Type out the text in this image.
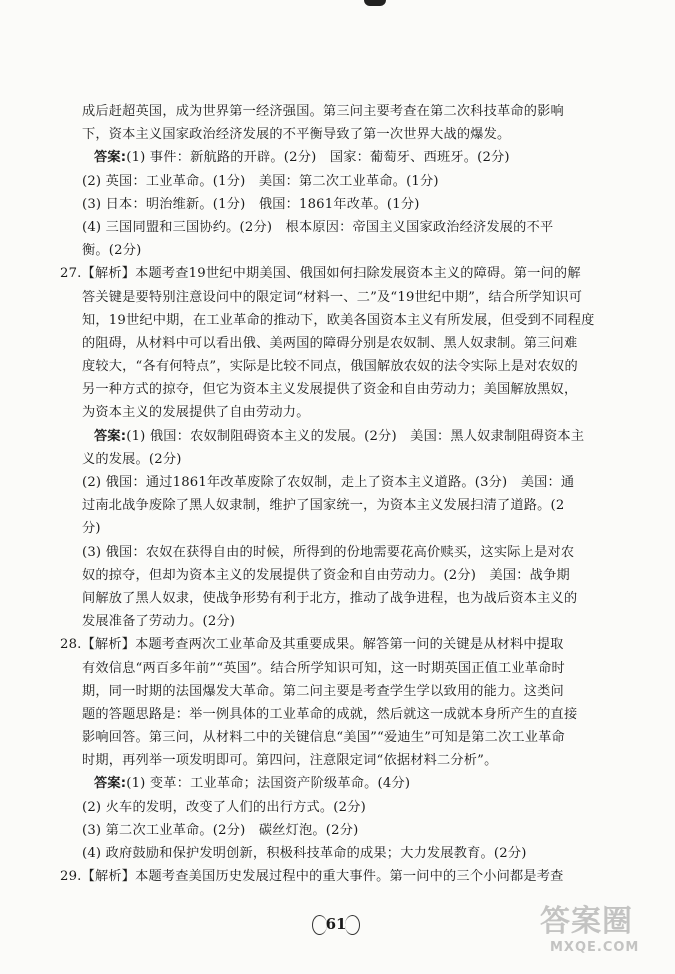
成后赶超英国，成为世界第一经济强国。第三问主要考查在第二次科技革命的影响
下，资本主义国家政治经济发展的不平衡导致了第一次世界大战的爆发。
答案:(1) 事件：新航路的开辟。(2分)　国家：葡萄牙、西班牙。(2分)
(2) 英国：工业革命。(1分)　美国：第二次工业革命。(1分)
(3) 日本：明治维新。(1分)　俄国：1861年改革。(1分)
(4) 三国同盟和三国协约。(2分)　根本原因：帝国主义国家政治经济发展的不平
衡。(2分)
27.【解析】本题考查19世纪中期美国、俄国如何扫除发展资本主义的障碍。第一问的解
答关键是要特别注意设问中的限定词“材料一、二”及“19世纪中期”，结合所学知识可
知，19世纪中期，在工业革命的推动下，欧美各国资本主义有所发展，但受到不同程度
的阻碍，从材料中可以看出俄、美两国的障碍分别是农奴制、黑人奴隶制。第三问难
度较大，“各有何特点”，实际是比较不同点，俄国解放农奴的法令实际上是对农奴的
另一种方式的掠夺，但它为资本主义发展提供了资金和自由劳动力；美国解放黑奴，
为资本主义的发展提供了自由劳动力。
答案:(1) 俄国：农奴制阻碍资本主义的发展。(2分)　美国：黑人奴隶制阻碍资本主
义的发展。(2分)
(2) 俄国：通过1861年改革废除了农奴制，走上了资本主义道路。(3分)　美国：通
过南北战争废除了黑人奴隶制，维护了国家统一，为资本主义发展扫清了道路。(2
分)
(3) 俄国：农奴在获得自由的时候，所得到的份地需要花高价赎买，这实际上是对农
奴的掠夺，但却为资本主义的发展提供了资金和自由劳动力。(2分)　美国：战争期
间解放了黑人奴隶，使战争形势有利于北方，推动了战争进程，也为战后资本主义的
发展准备了劳动力。(2分)
28.【解析】本题考查两次工业革命及其重要成果。解答第一问的关键是从材料中提取
有效信息“两百多年前”“英国”。结合所学知识可知，这一时期英国正值工业革命时
期，同一时期的法国爆发大革命。第二问主要是考查学生学以致用的能力。这类问
题的答题思路是：举一例具体的工业革命的成就，然后就这一成就本身所产生的直接
影响回答。第三问，从材料二中的关键信息“美国”“爱迪生”可知是第二次工业革命
时期，再列举一项发明即可。第四问，注意限定词“依据材料二分析”。
答案:(1) 变革：工业革命；法国资产阶级革命。(4分)
(2) 火车的发明，改变了人们的出行方式。(2分)
(3) 第二次工业革命。(2分)　碳丝灯泡。(2分)
(4) 政府鼓励和保护发明创新，积极科技革命的成果；大力发展教育。(2分)
29.【解析】本题考查美国历史发展过程中的重大事件。第一问中的三个小问都是考查
61	答案圈
MXQE.COM
